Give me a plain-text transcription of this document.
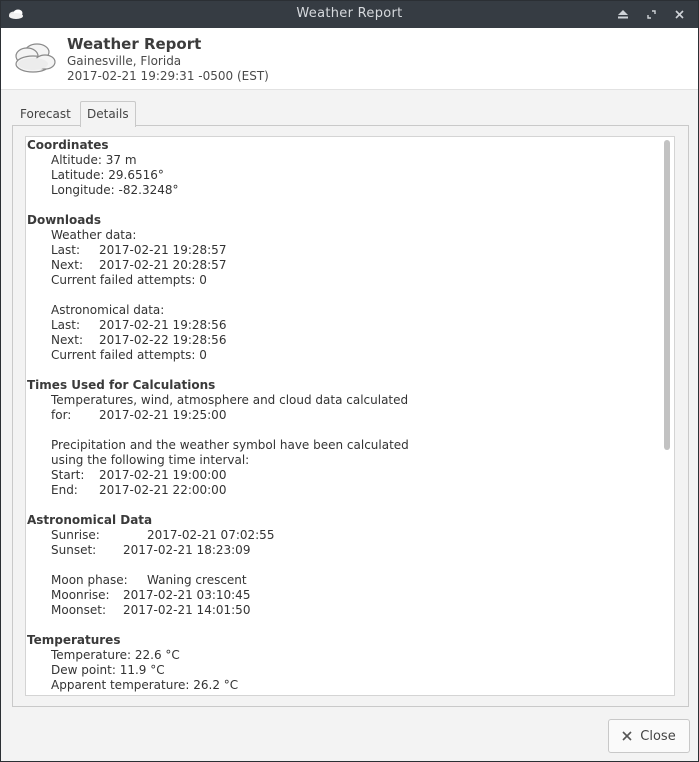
Weather Report
Weather Report
Gainesville, Florida
2017-02-21 19:29:31 -0500 (EST)
Forecast	Details
Coordinates
Altitude: 37 m
Latitude: 29.6516°
Longitude: -82.3248°
Downloads
Weather data:
Last: 2017-02-21 19:28:57
Next: 2017-02-21 20:28:57
Current failed attempts: 0
Astronomical data:
Last: 2017-02-21 19:28:56
Next: 2017-02-22 19:28:56
Current failed attempts: 0
Times Used for Calculations
Temperatures, wind, atmosphere and cloud data calculated
for: 2017-02-21 19:25:00
Precipitation and the weather symbol have been calculated
using the following time interval:
Start: 2017-02-21 19:00:00
End: 2017-02-21 22:00:00
Astronomical Data
Sunrise:	2017-02-21 07:02:55
Sunset: 2017-02-21 18:23:09
Moon phase: Waning crescent
Moonrise: 2017-02-21 03:10:45
Moonset: 2017-02-21 14:01:50
Temperatures
Temperature: 22.6 °C
Dew point: 11.9 °C
Apparent temperature: 26.2 °C
Close
